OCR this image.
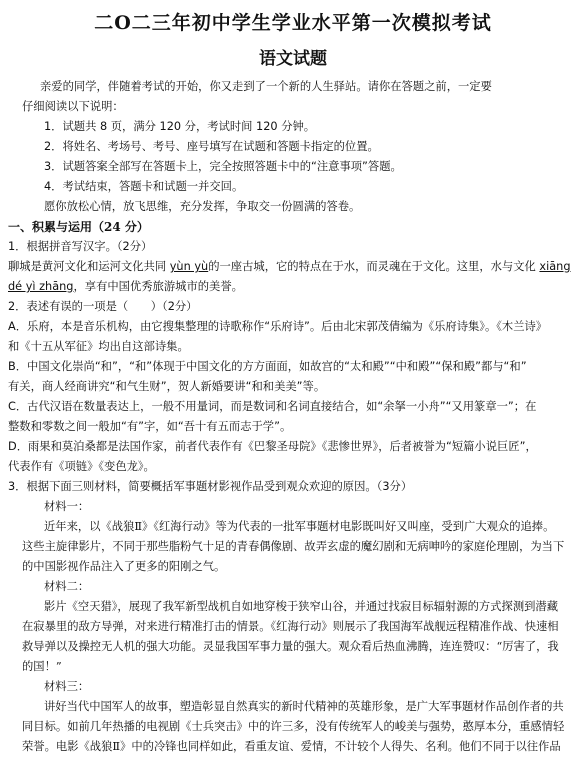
二O二三年初中学生学业水平第一次模拟考试
语文试题
亲爱的同学，伴随着考试的开始，你又走到了一个新的人生驿站。请你在答题之前，一定要
仔细阅读以下说明：
1．试题共 8 页，满分 120 分，考试时间 120 分钟。
2．将姓名、考场号、考号、座号填写在试题和答题卡指定的位置。
3．试题答案全部写在答题卡上，完全按照答题卡中的“注意事项”答题。
4．考试结束，答题卡和试题一并交回。
愿你放松心情，放飞思维，充分发挥，争取交一份圆满的答卷。
一、积累与运用（24 分）
1．根据拼音写汉字。（2分）
聊城是黄河文化和运河文化共同 yùn yù的一座古城，它的特点在于水，而灵魂在于文化。这里，水与文化 xiāng
dé yì zhāng，享有中国优秀旅游城市的美誉。
2．表述有误的一项是（　　）（2分）
A．乐府，本是音乐机构，由它搜集整理的诗歌称作“乐府诗”。后由北宋郭茂倩编为《乐府诗集》。《木兰诗》
和《十五从军征》均出自这部诗集。
B．中国文化崇尚“和”，“和”体现于中国文化的方方面面，如故宫的“太和殿”“中和殿”“保和殿”都与“和”
有关，商人经商讲究“和气生财”，贺人新婚要讲“和和美美”等。
C．古代汉语在数量表达上，一般不用量词，而是数词和名词直接结合，如“余拏一小舟”“又用篆章一”；在
整数和零数之间一般加“有”字，如“吾十有五而志于学”。
D．雨果和莫泊桑都是法国作家，前者代表作有《巴黎圣母院》《悲惨世界》，后者被誉为“短篇小说巨匠”，
代表作有《项链》《变色龙》。
3．根据下面三则材料，简要概括军事题材影视作品受到观众欢迎的原因。（3分）
材料一：
近年来，以《战狼Ⅱ》《红海行动》等为代表的一批军事题材电影既叫好又叫座，受到广大观众的追捧。
这些主旋律影片，不同于那些脂粉气十足的青春偶像剧、故弄玄虚的魔幻剧和无病呻吟的家庭伦理剧，为当下
的中国影视作品注入了更多的阳刚之气。
材料二：
影片《空天猎》，展现了我军新型战机自如地穿梭于狭窄山谷，并通过找寂目标辐射源的方式探测到潜藏
在寂暴里的敌方导弹，对来进行精准打击的情景。《红海行动》则展示了我国海军战舰远程精准作战、快速相
救导弹以及操控无人机的强大功能。灵显我国军事力量的强大。观众看后热血沸腾，连连赞叹：“厉害了，我
的国！”
材料三：
讲好当代中国军人的故事，塑造彰显自然真实的新时代精神的英雄形象，是广大军事题材作品创作者的共
同目标。如前几年热播的电视剧《士兵突击》中的许三多，没有传统军人的峻美与强势，憨厚本分，重感情轻
荣誉。电影《战狼Ⅱ》中的冷锋也同样如此，看重友谊、爱情，不计较个人得失、名利。他们不同于以往作品
